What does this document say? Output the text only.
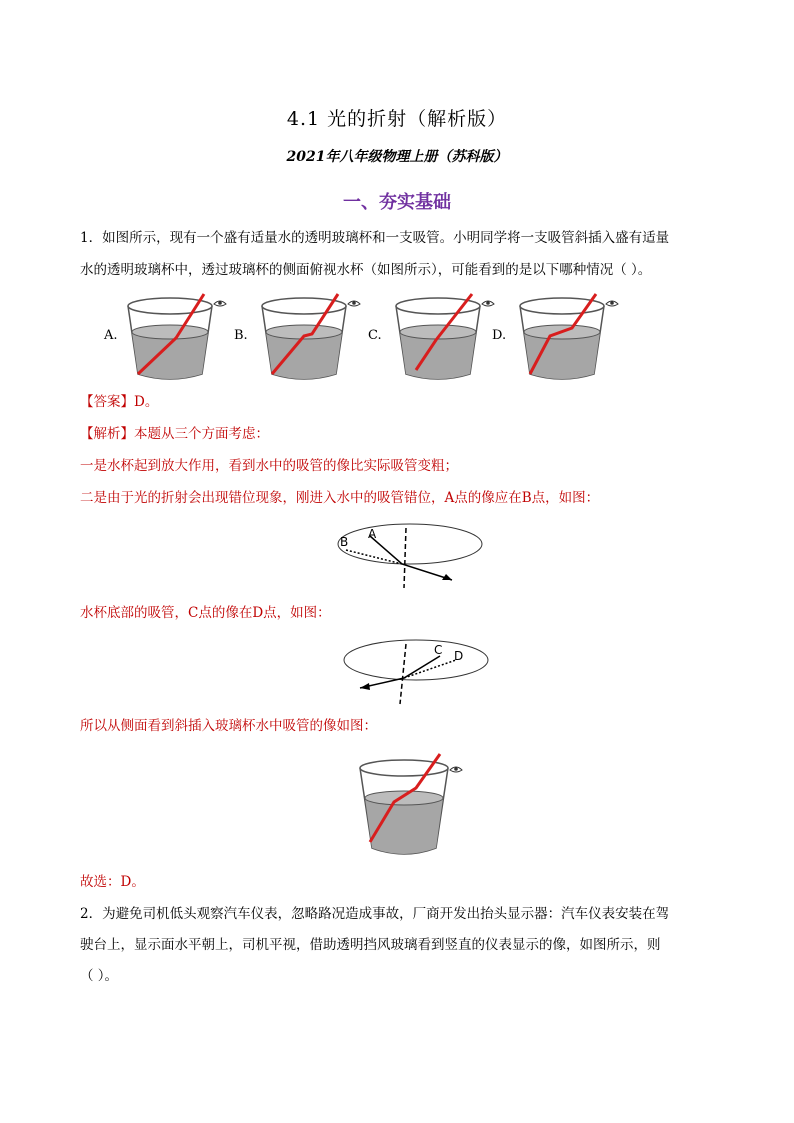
4.1 光的折射（解析版）
2021年八年级物理上册（苏科版）
一、夯实基础
1．如图所示，现有一个盛有适量水的透明玻璃杯和一支吸管。小明同学将一支吸管斜插入盛有适量
水的透明玻璃杯中，透过玻璃杯的侧面俯视水杯（如图所示），可能看到的是以下哪种情况（ ）。
A.	B.	C.	D.
【答案】D。
【解析】本题从三个方面考虑：
一是水杯起到放大作用，看到水中的吸管的像比实际吸管变粗；
二是由于光的折射会出现错位现象，刚进入水中的吸管错位，A点的像应在B点，如图：
A
B
水杯底部的吸管，C点的像在D点，如图：
C D
所以从侧面看到斜插入玻璃杯水中吸管的像如图：
故选：D。
2．为避免司机低头观察汽车仪表，忽略路况造成事故，厂商开发出抬头显示器：汽车仪表安装在驾
驶台上，显示面水平朝上，司机平视，借助透明挡风玻璃看到竖直的仪表显示的像，如图所示，则
（ ）。
